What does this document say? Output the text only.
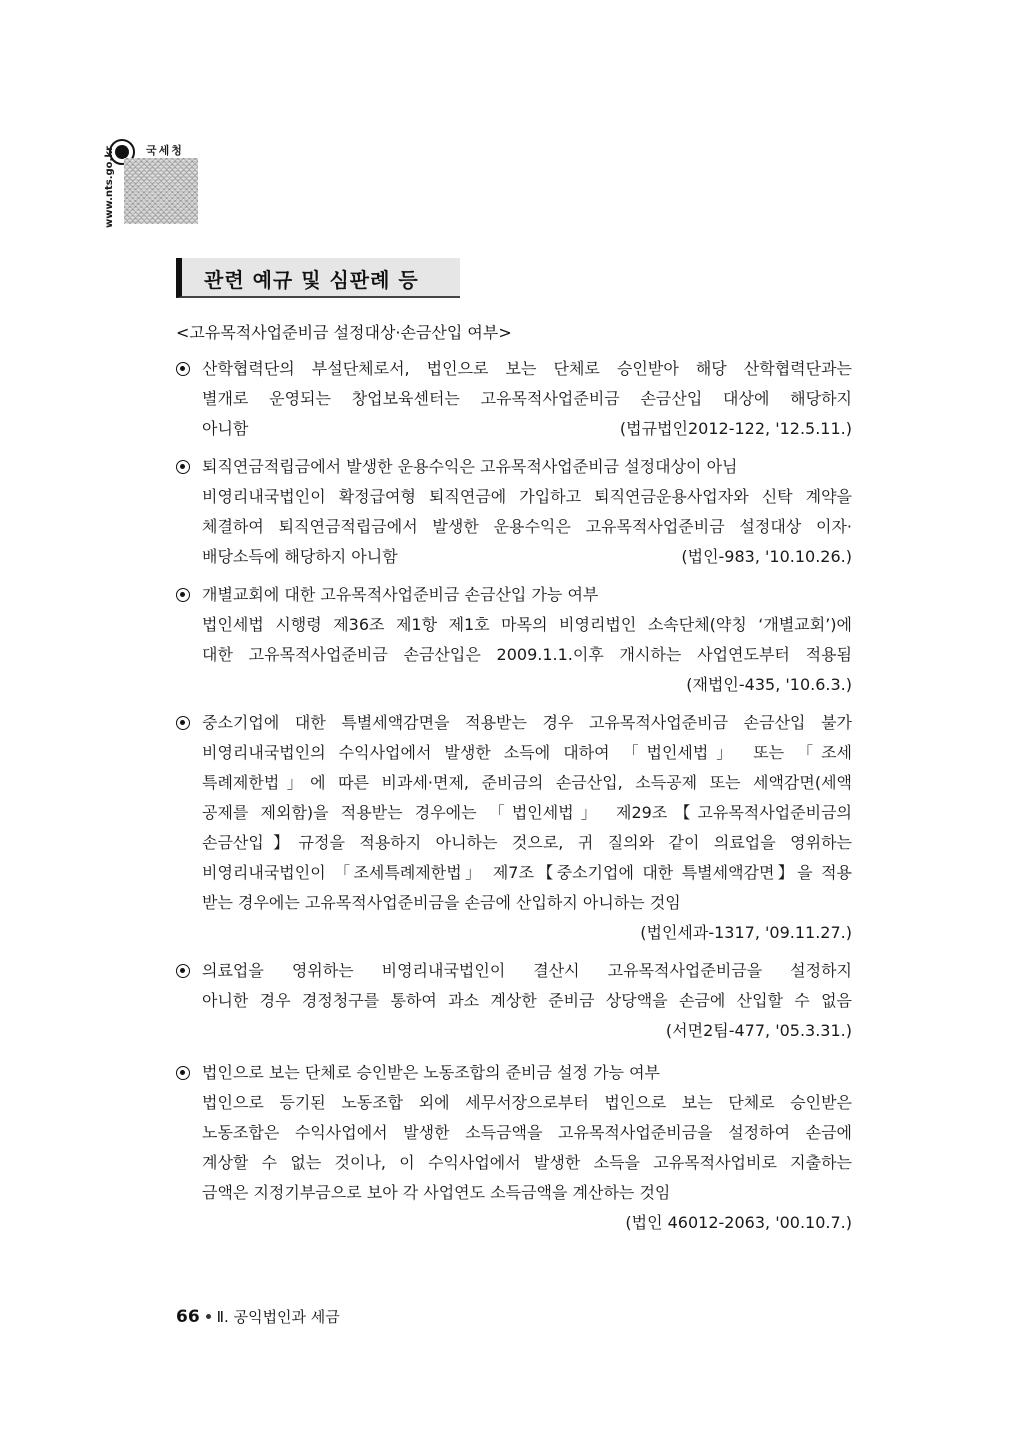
국세청
www.nts.go.kr
관련 예규 및 심판례 등
<고유목적사업준비금 설정대상·손금산입 여부>
산학협력단의 부설단체로서, 법인으로 보는 단체로 승인받아 해당 산학협력단과는
별개로 운영되는 창업보육센터는 고유목적사업준비금 손금산입 대상에 해당하지
아니함	(법규법인2012-122, '12.5.11.)
퇴직연금적립금에서 발생한 운용수익은 고유목적사업준비금 설정대상이 아님
비영리내국법인이 확정급여형 퇴직연금에 가입하고 퇴직연금운용사업자와 신탁 계약을
체결하여 퇴직연금적립금에서 발생한 운용수익은 고유목적사업준비금 설정대상 이자·
배당소득에 해당하지 아니함	(법인-983, '10.10.26.)
개별교회에 대한 고유목적사업준비금 손금산입 가능 여부
법인세법 시행령 제36조 제1항 제1호 마목의 비영리법인 소속단체(약칭 ‘개별교회’)에
대한 고유목적사업준비금 손금산입은 2009.1.1.이후 개시하는 사업연도부터 적용됨
(재법인-435, '10.6.3.)
중소기업에 대한 특별세액감면을 적용받는 경우 고유목적사업준비금 손금산입 불가
비영리내국법인의 수익사업에서 발생한 소득에 대하여 「법인세법」 또는 「조세
특례제한법」에 따른 비과세·면제, 준비금의 손금산입, 소득공제 또는 세액감면(세액
공제를 제외함)을 적용받는 경우에는 「법인세법」 제29조【고유목적사업준비금의
손금산입】규정을 적용하지 아니하는 것으로, 귀 질의와 같이 의료업을 영위하는
비영리내국법인이 「조세특례제한법」 제7조【중소기업에 대한 특별세액감면】을 적용
받는 경우에는 고유목적사업준비금을 손금에 산입하지 아니하는 것임
(법인세과-1317, '09.11.27.)
의료업을 영위하는 비영리내국법인이 결산시 고유목적사업준비금을 설정하지
아니한 경우 경정청구를 통하여 과소 계상한 준비금 상당액을 손금에 산입할 수 없음
(서면2팀-477, '05.3.31.)
법인으로 보는 단체로 승인받은 노동조합의 준비금 설정 가능 여부
법인으로 등기된 노동조합 외에 세무서장으로부터 법인으로 보는 단체로 승인받은
노동조합은 수익사업에서 발생한 소득금액을 고유목적사업준비금을 설정하여 손금에
계상할 수 없는 것이나, 이 수익사업에서 발생한 소득을 고유목적사업비로 지출하는
금액은 지정기부금으로 보아 각 사업연도 소득금액을 계산하는 것임
(법인 46012-2063, '00.10.7.)
66 Ⅱ. 공익법인과 세금
